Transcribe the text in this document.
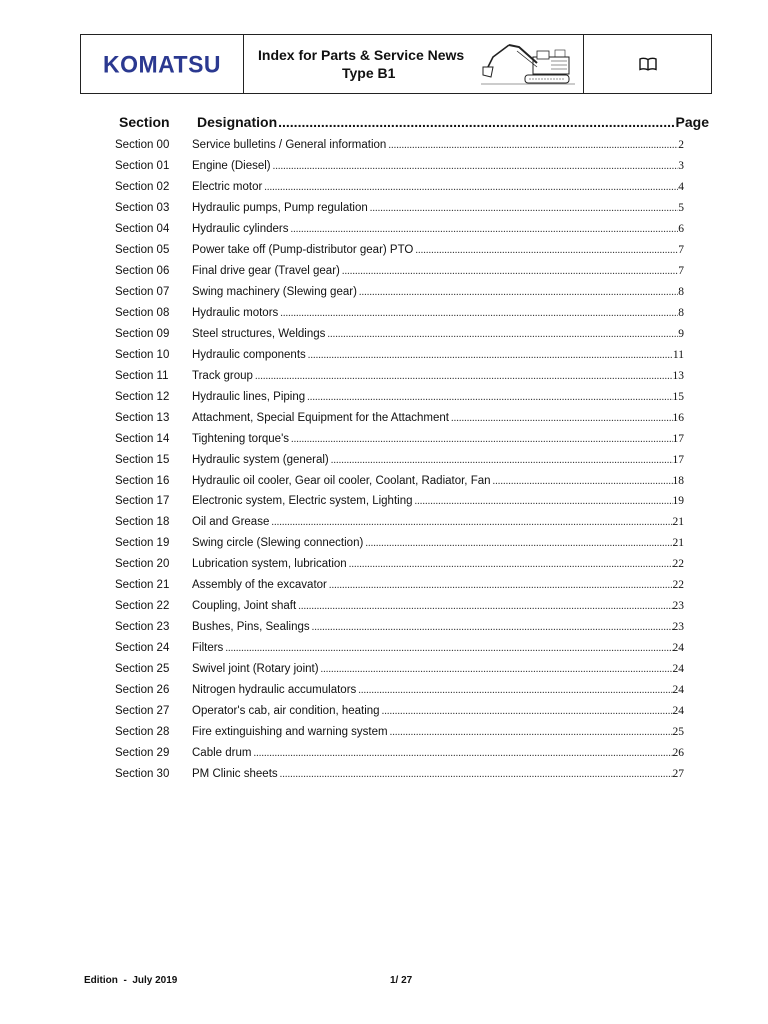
KOMATSU	Index for Parts & Service News
Type B1
Section Designation .....	Page
Section 00 Service bulletins / General information .....	2
Section 01 Engine (Diesel) .....	3
Section 02 Electric motor .....	4
Section 03 Hydraulic pumps, Pump regulation .....	5
Section 04 Hydraulic cylinders .....	6
Section 05 Power take off (Pump-distributor gear) PTO .....	7
Section 06 Final drive gear (Travel gear) .....	7
Section 07 Swing machinery (Slewing gear) .....	8
Section 08 Hydraulic motors .....	8
Section 09 Steel structures, Weldings .....	9
Section 10 Hydraulic components .....	11
Section 11 Track group .....	13
Section 12 Hydraulic lines, Piping .....	15
Section 13 Attachment, Special Equipment for the Attachment .....	16
Section 14 Tightening torque's .....	17
Section 15 Hydraulic system (general) .....	17
Section 16 Hydraulic oil cooler, Gear oil cooler, Coolant, Radiator, Fan .....	18
Section 17 Electronic system, Electric system, Lighting .....	19
Section 18 Oil and Grease .....	21
Section 19 Swing circle (Slewing connection) .....	21
Section 20 Lubrication system, lubrication .....	22
Section 21 Assembly of the excavator .....	22
Section 22 Coupling, Joint shaft .....	23
Section 23 Bushes, Pins, Sealings .....	23
Section 24 Filters .....	24
Section 25 Swivel joint (Rotary joint) .....	24
Section 26 Nitrogen hydraulic accumulators .....	24
Section 27 Operator's cab, air condition, heating .....	24
Section 28 Fire extinguishing and warning system .....	25
Section 29 Cable drum .....	26
Section 30 PM Clinic sheets .....	27
Edition  -  July 2019	1/ 27
